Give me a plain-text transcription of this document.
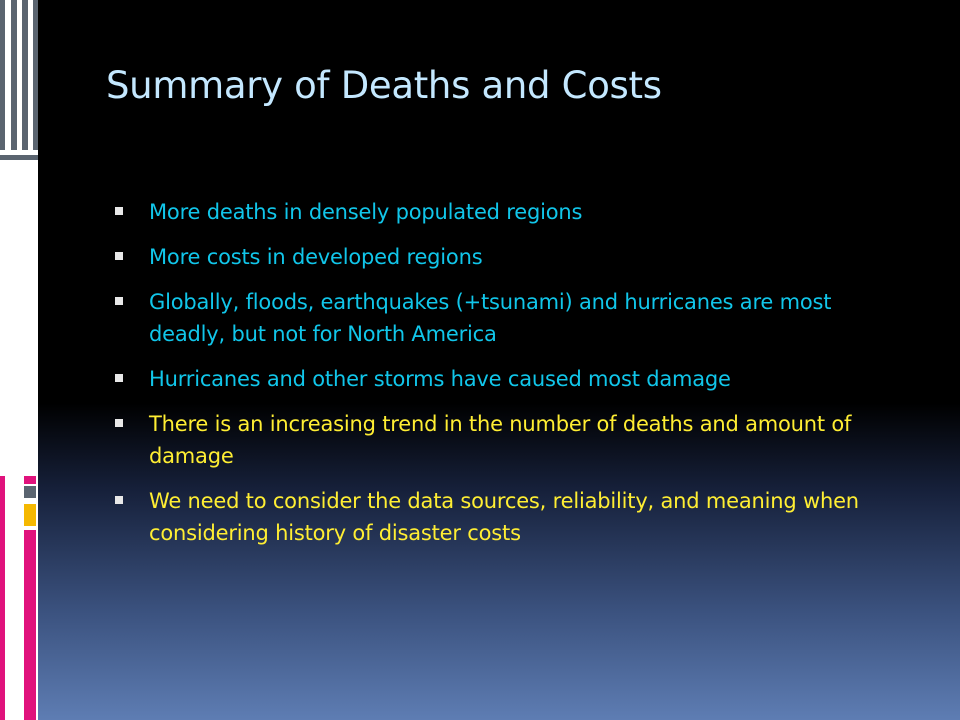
Summary of Deaths and Costs
More deaths in densely populated regions
More costs in developed regions
Globally, floods, earthquakes (+tsunami) and hurricanes are most deadly, but not for North America
Hurricanes and other storms have caused most damage
There is an increasing trend in the number of deaths and amount of damage
We need to consider the data sources, reliability, and meaning when considering history of disaster costs
